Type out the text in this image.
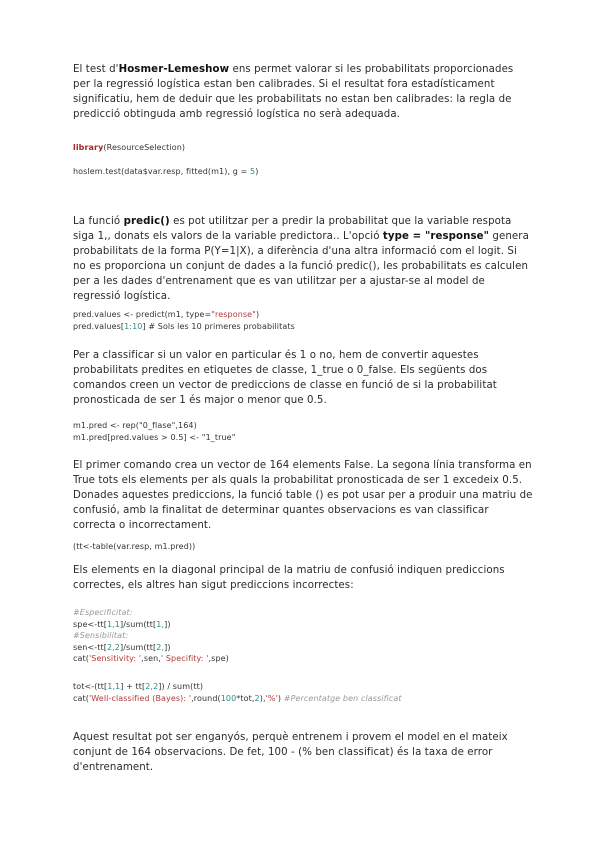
El test d'Hosmer-Lemeshow ens permet valorar si les probabilitats proporcionades per la regressió logística estan ben calibrades. Si el resultat fora estadísticament significatiu, hem de deduir que les probabilitats no estan ben calibrades: la regla de predicció obtinguda amb regressió logística no serà adequada.

library(ResourceSelection)
hoslem.test(data$var.resp, fitted(m1), g = 5)

La funció predic() es pot utilitzar per a predir la probabilitat que la variable respota siga 1,, donats els valors de la variable predictora.. L'opció type = "response" genera probabilitats de la forma P(Y=1|X), a diferència d'una altra informació com el logit. Si no es proporciona un conjunt de dades a la funció predic(), les probabilitats es calculen per a les dades d'entrenament que es van utilitzar per a ajustar-se al model de regressió logística.

pred.values <- predict(m1, type="response")
pred.values[1:10] # Sols les 10 primeres probabilitats

Per a classificar si un valor en particular és 1 o no, hem de convertir aquestes probabilitats predites en etiquetes de classe, 1_true o 0_false. Els següents dos comandos creen un vector de prediccions de classe en funció de si la probabilitat pronosticada de ser 1 és major o menor que 0.5.

m1.pred <- rep("0_flase",164)
m1.pred[pred.values > 0.5] <- "1_true"

El primer comando crea un vector de 164 elements False. La segona línia transforma en True tots els elements per als quals la probabilitat pronosticada de ser 1 excedeix 0.5. Donades aquestes prediccions, la funció table () es pot usar per a produir una matriu de confusió, amb la finalitat de determinar quantes observacions es van classificar correcta o incorrectament.

(tt<-table(var.resp, m1.pred))

Els elements en la diagonal principal de la matriu de confusió indiquen prediccions correctes, els altres han sigut prediccions incorrectes:

#Especificitat:
spe<-tt[1,1]/sum(tt[1,])
#Sensibilitat:
sen<-tt[2,2]/sum(tt[2,])
cat('Sensitivity: ',sen,' Specifity: ',spe)
tot<-(tt[1,1] + tt[2,2]) / sum(tt)
cat('Well-classified (Bayes): ',round(100*tot,2),'%') #Percentatge ben classificat

Aquest resultat pot ser enganyós, perquè entrenem i provem el model en el mateix conjunt de 164 observacions. De fet, 100 - (% ben classificat) és la taxa de error d'entrenament.
